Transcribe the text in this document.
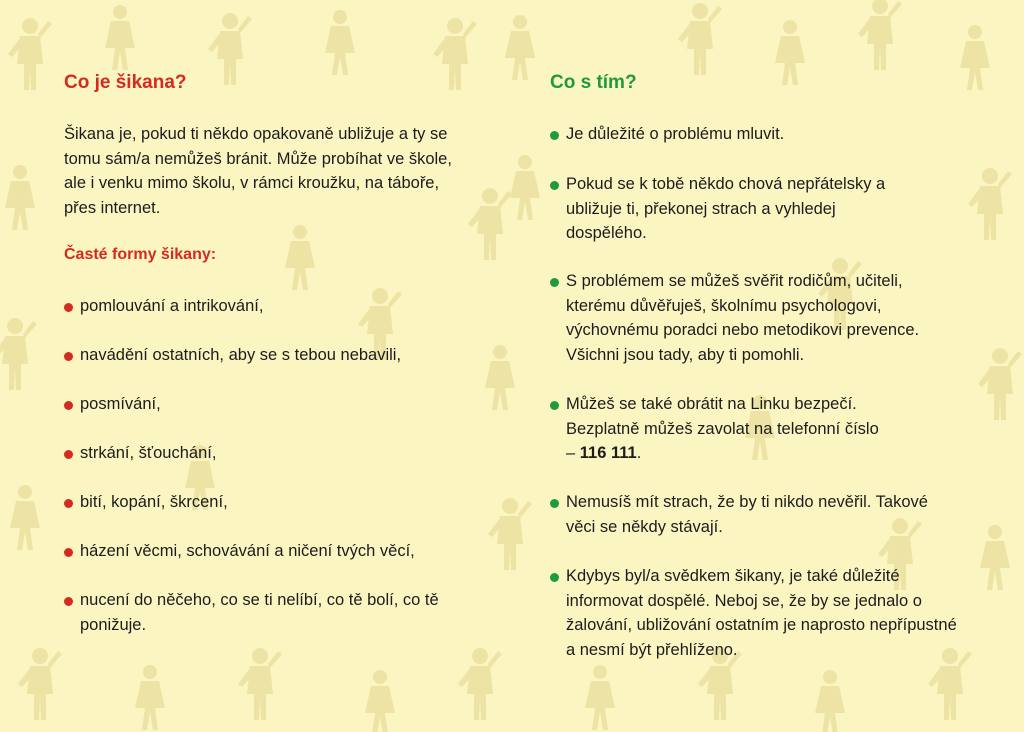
Co je šikana?

Šikana je, pokud ti někdo opakovaně ubližuje a ty se tomu sám/a nemůžeš bránit. Může probíhat ve škole, ale i venku mimo školu, v rámci kroužku, na táboře, přes internet.

Časté formy šikany:
pomlouvání a intrikování,
navádění ostatních, aby se s tebou nebavili,
posmívání,
strkání, šťouchání,
bití, kopání, škrcení,
házení věcmi, schovávání a ničení tvých věcí,
nucení do něčeho, co se ti nelíbí, co tě bolí, co tě ponižuje.
Co s tím?
Je důležité o problému mluvit.
Pokud se k tobě někdo chová nepřátelsky a ubližuje ti, překonej strach a vyhledej dospělého.
S problémem se můžeš svěřit rodičům, učiteli, kterému důvěřuješ, školnímu psychologovi, výchovnému poradci nebo metodikovi prevence. Všichni jsou tady, aby ti pomohli.
Můžeš se také obrátit na Linku bezpečí. Bezplatně můžeš zavolat na telefonní číslo – 116 111.
Nemusíš mít strach, že by ti nikdo nevěřil. Takové věci se někdy stávají.
Kdybys byl/a svědkem šikany, je také důležité informovat dospělé. Neboj se, že by se jednalo o žalování, ubližování ostatním je naprosto nepřípustné a nesmí být přehlíženo.
